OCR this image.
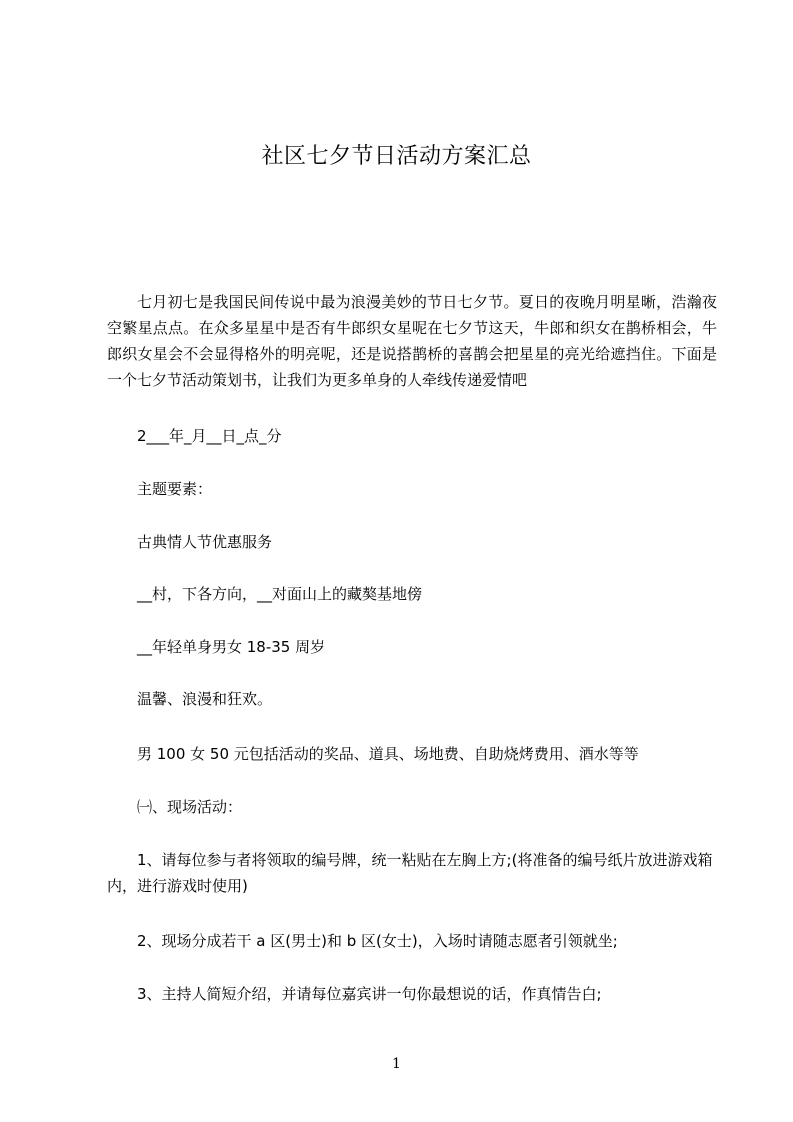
社区七夕节日活动方案汇总
七月初七是我国民间传说中最为浪漫美妙的节日七夕节。夏日的夜晚月明星晰，浩瀚夜空繁星点点。在众多星星中是否有牛郎织女星呢在七夕节这天，牛郎和织女在鹊桥相会，牛郎织女星会不会显得格外的明亮呢，还是说搭鹊桥的喜鹊会把星星的亮光给遮挡住。下面是一个七夕节活动策划书，让我们为更多单身的人牵线传递爱情吧
2___年_月__日_点_分
主题要素：
古典情人节优惠服务
__村，下各方向，__对面山上的藏獒基地傍
__年轻单身男女 18-35 周岁
温馨、浪漫和狂欢。
男 100 女 50 元包括活动的奖品、道具、场地费、自助烧烤费用、酒水等等
㈠、现场活动：
1、请每位参与者将领取的编号牌，统一粘贴在左胸上方;(将准备的编号纸片放进游戏箱内，进行游戏时使用)
2、现场分成若干 a 区(男士)和 b 区(女士)，入场时请随志愿者引领就坐;
3、主持人简短介绍，并请每位嘉宾讲一句你最想说的话，作真情告白;
1
